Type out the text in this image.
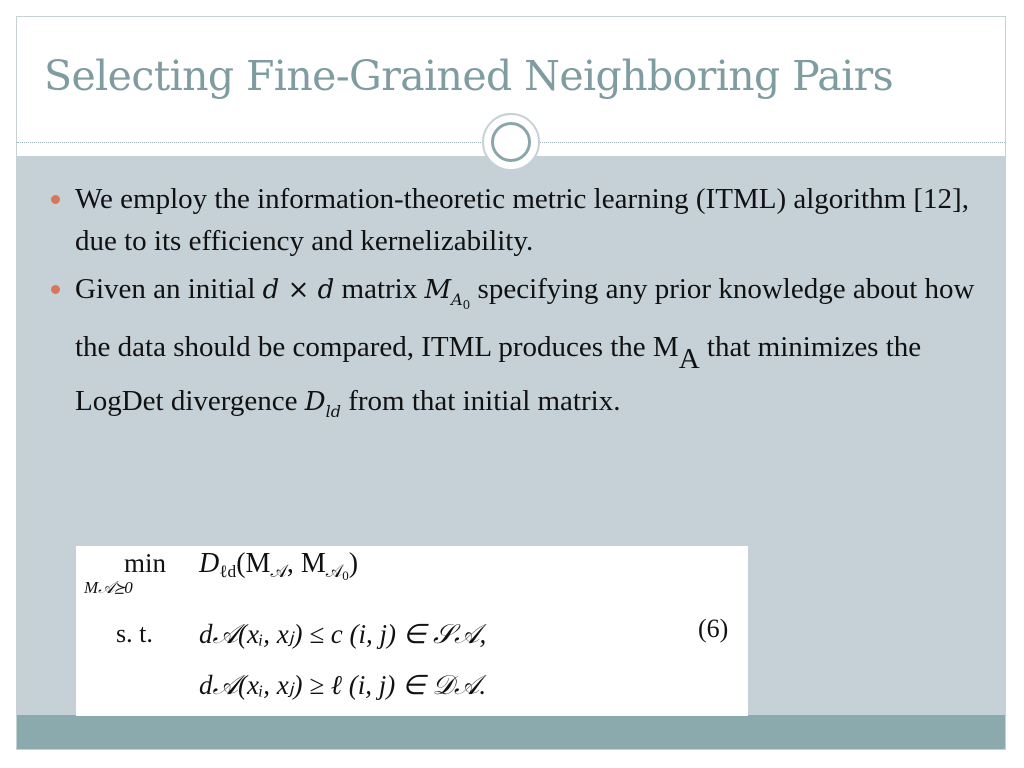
Selecting Fine-Grained Neighboring Pairs
We employ the information-theoretic metric learning (ITML) algorithm [12], due to its efficiency and kernelizability.
Given an initial d × d matrix $M_{A_0}$ specifying any prior knowledge about how the data should be compared, ITML produces the MA that minimizes the LogDet divergence $D_{ld}$ from that initial matrix.
min
M𝒜⪰0
$D_{\ell d}(M_𝒜$, $M_{𝒜_0}$)
s. t. d𝒜(xᵢ, xⱼ) ≤ c (i, j) ∈ 𝒮𝒜,
d𝒜(xᵢ, xⱼ) ≥ ℓ (i, j) ∈ 𝒟𝒜.
(6)
